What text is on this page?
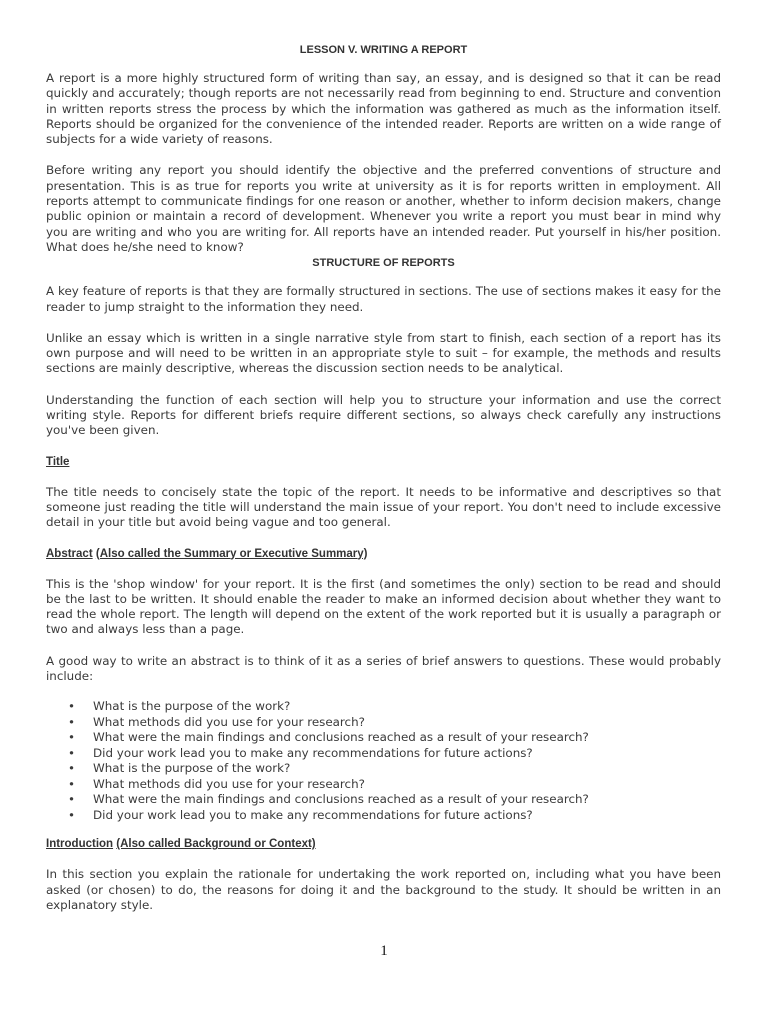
LESSON V. WRITING A REPORT

A report is a more highly structured form of writing than say, an essay, and is designed so that it can be read quickly and accurately; though reports are not necessarily read from beginning to end. Structure and convention in written reports stress the process by which the information was gathered as much as the information itself. Reports should be organized for the convenience of the intended reader. Reports are written on a wide range of subjects for a wide variety of reasons.

Before writing any report you should identify the objective and the preferred conventions of structure and presentation. This is as true for reports you write at university as it is for reports written in employment. All reports attempt to communicate findings for one reason or another, whether to inform decision makers, change public opinion or maintain a record of development. Whenever you write a report you must bear in mind why you are writing and who you are writing for. All reports have an intended reader. Put yourself in his/her position. What does he/she need to know?

STRUCTURE OF REPORTS

A key feature of reports is that they are formally structured in sections. The use of sections makes it easy for the reader to jump straight to the information they need.

Unlike an essay which is written in a single narrative style from start to finish, each section of a report has its own purpose and will need to be written in an appropriate style to suit – for example, the methods and results sections are mainly descriptive, whereas the discussion section needs to be analytical.

Understanding the function of each section will help you to structure your information and use the correct writing style. Reports for different briefs require different sections, so always check carefully any instructions you've been given.

Title

The title needs to concisely state the topic of the report. It needs to be informative and descriptives so that someone just reading the title will understand the main issue of your report. You don't need to include excessive detail in your title but avoid being vague and too general.

Abstract (Also called the Summary or Executive Summary)

This is the 'shop window' for your report. It is the first (and sometimes the only) section to be read and should be the last to be written. It should enable the reader to make an informed decision about whether they want to read the whole report. The length will depend on the extent of the work reported but it is usually a paragraph or two and always less than a page.

A good way to write an abstract is to think of it as a series of brief answers to questions. These would probably include:

• What is the purpose of the work?
• What methods did you use for your research?
• What were the main findings and conclusions reached as a result of your research?
• Did your work lead you to make any recommendations for future actions?
• What is the purpose of the work?
• What methods did you use for your research?
• What were the main findings and conclusions reached as a result of your research?
• Did your work lead you to make any recommendations for future actions?
Introduction (Also called Background or Context)

In this section you explain the rationale for undertaking the work reported on, including what you have been asked (or chosen) to do, the reasons for doing it and the background to the study. It should be written in an explanatory style.

1
